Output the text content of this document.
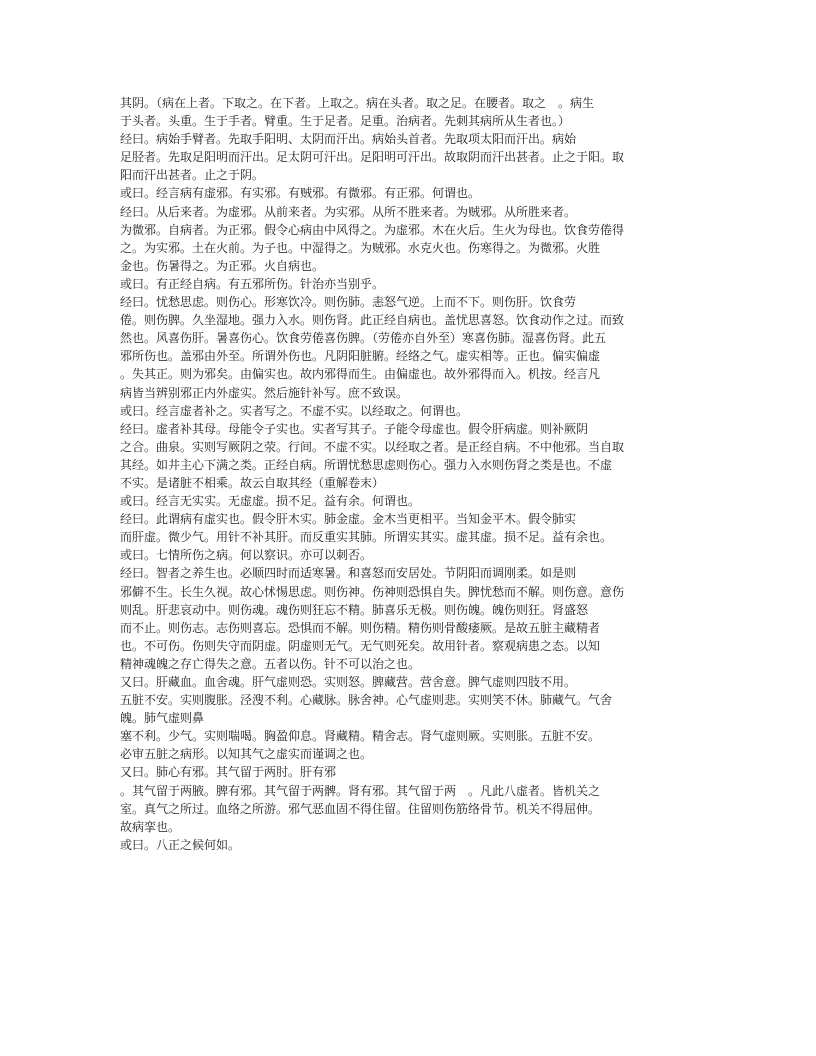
其阴。（病在上者。下取之。在下者。上取之。病在头者。取之足。在腰者。取之　。病生
于头者。头重。生于手者。臂重。生于足者。足重。治病者。先刺其病所从生者也。）
经曰。病始手臂者。先取手阳明、太阴而汗出。病始头首者。先取项太阳而汗出。病始
足胫者。先取足阳明而汗出。足太阴可汗出。足阳明可汗出。故取阴而汗出甚者。止之于阳。取
阳而汗出甚者。止之于阴。
或曰。经言病有虚邪。有实邪。有贼邪。有微邪。有正邪。何谓也。
经曰。从后来者。为虚邪。从前来者。为实邪。从所不胜来者。为贼邪。从所胜来者。
为微邪。自病者。为正邪。假令心病由中风得之。为虚邪。木在火后。生火为母也。饮食劳倦得
之。为实邪。土在火前。为子也。中湿得之。为贼邪。水克火也。伤寒得之。为微邪。火胜
金也。伤暑得之。为正邪。火自病也。
或曰。有正经自病。有五邪所伤。针治亦当别乎。
经曰。忧愁思虑。则伤心。形寒饮冷。则伤肺。恚怒气逆。上而不下。则伤肝。饮食劳
倦。则伤脾。久坐湿地。强力入水。则伤肾。此正经自病也。盖忧思喜怒。饮食动作之过。而致
然也。风喜伤肝。暑喜伤心。饮食劳倦喜伤脾。（劳倦亦自外至）寒喜伤肺。湿喜伤肾。此五
邪所伤也。盖邪由外至。所谓外伤也。凡阴阳脏腑。经络之气。虚实相等。正也。偏实偏虚
。失其正。则为邪矣。由偏实也。故内邪得而生。由偏虚也。故外邪得而入。机按。经言凡
病皆当辨别邪正内外虚实。然后施针补写。庶不致误。
或曰。经言虚者补之。实者写之。不虚不实。以经取之。何谓也。
经曰。虚者补其母。母能令子实也。实者写其子。子能令母虚也。假令肝病虚。则补厥阴
之合。曲泉。实则写厥阴之荥。行间。不虚不实。以经取之者。是正经自病。不中他邪。当自取
其经。如井主心下满之类。正经自病。所谓忧愁思虑则伤心。强力入水则伤肾之类是也。不虚
不实。是诸脏不相乘。故云自取其经（重解卷末）
或曰。经言无实实。无虚虚。损不足。益有余。何谓也。
经曰。此谓病有虚实也。假令肝木实。肺金虚。金木当更相平。当知金平木。假令肺实
而肝虚。微少气。用针不补其肝。而反重实其肺。所谓实其实。虚其虚。损不足。益有余也。
或曰。七情所伤之病。何以察识。亦可以刺否。
经曰。智者之养生也。必顺四时而适寒暑。和喜怒而安居处。节阴阳而调刚柔。如是则
邪僻不生。长生久视。故心怵惕思虑。则伤神。伤神则恐惧自失。脾忧愁而不解。则伤意。意伤
则乱。肝悲哀动中。则伤魂。魂伤则狂忘不精。肺喜乐无极。则伤魄。魄伤则狂。肾盛怒
而不止。则伤志。志伤则喜忘。恐惧而不解。则伤精。精伤则骨酸痿厥。是故五脏主藏精者
也。不可伤。伤则失守而阴虚。阴虚则无气。无气则死矣。故用针者。察观病患之态。以知
精神魂魄之存亡得失之意。五者以伤。针不可以治之也。
又曰。肝藏血。血舍魂。肝气虚则恐。实则怒。脾藏营。营舍意。脾气虚则四肢不用。
五脏不安。实则腹胀。泾溲不利。心藏脉。脉舍神。心气虚则悲。实则笑不休。肺藏气。气舍
魄。肺气虚则鼻
塞不利。少气。实则喘喝。胸盈仰息。肾藏精。精舍志。肾气虚则厥。实则胀。五脏不安。
必审五脏之病形。以知其气之虚实而谨调之也。
又曰。肺心有邪。其气留于两肘。肝有邪
。其气留于两腋。脾有邪。其气留于两髀。肾有邪。其气留于两　。凡此八虚者。皆机关之
室。真气之所过。血络之所游。邪气恶血固不得住留。住留则伤筋络骨节。机关不得屈伸。
故病挛也。
或曰。八正之候何如。
